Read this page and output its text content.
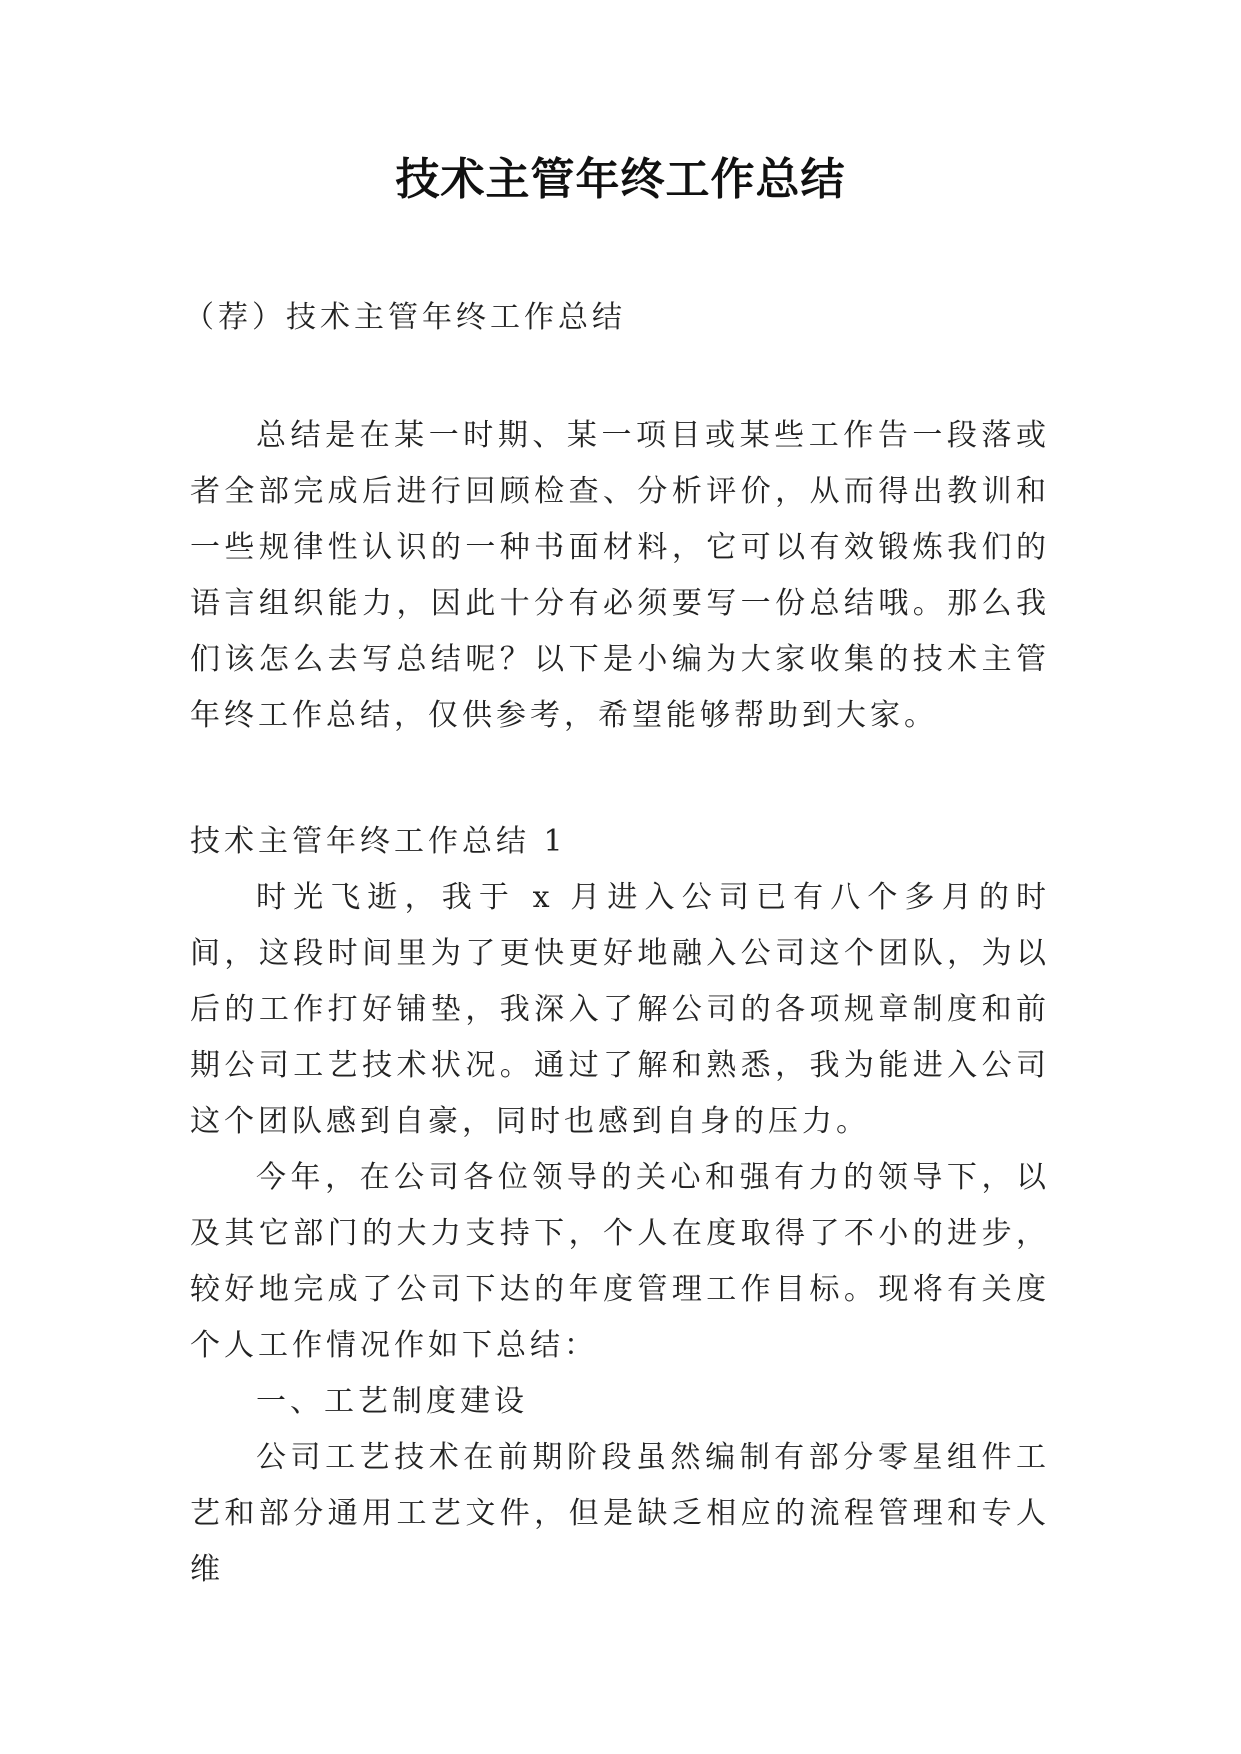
技术主管年终工作总结
（荐）技术主管年终工作总结
总结是在某一时期、某一项目或某些工作告一段落或者全部完成后进行回顾检查、分析评价，从而得出教训和一些规律性认识的一种书面材料，它可以有效锻炼我们的语言组织能力，因此十分有必须要写一份总结哦。那么我们该怎么去写总结呢？以下是小编为大家收集的技术主管年终工作总结，仅供参考，希望能够帮助到大家。
技术主管年终工作总结 1

时光飞逝，我于 x 月进入公司已有八个多月的时间，这段时间里为了更快更好地融入公司这个团队，为以后的工作打好铺垫，我深入了解公司的各项规章制度和前期公司工艺技术状况。通过了解和熟悉，我为能进入公司这个团队感到自豪，同时也感到自身的压力。

今年，在公司各位领导的关心和强有力的领导下，以及其它部门的大力支持下，个人在度取得了不小的进步，较好地完成了公司下达的年度管理工作目标。现将有关度个人工作情况作如下总结：

一、工艺制度建设

公司工艺技术在前期阶段虽然编制有部分零星组件工艺和部分通用工艺文件，但是缺乏相应的流程管理和专人维
